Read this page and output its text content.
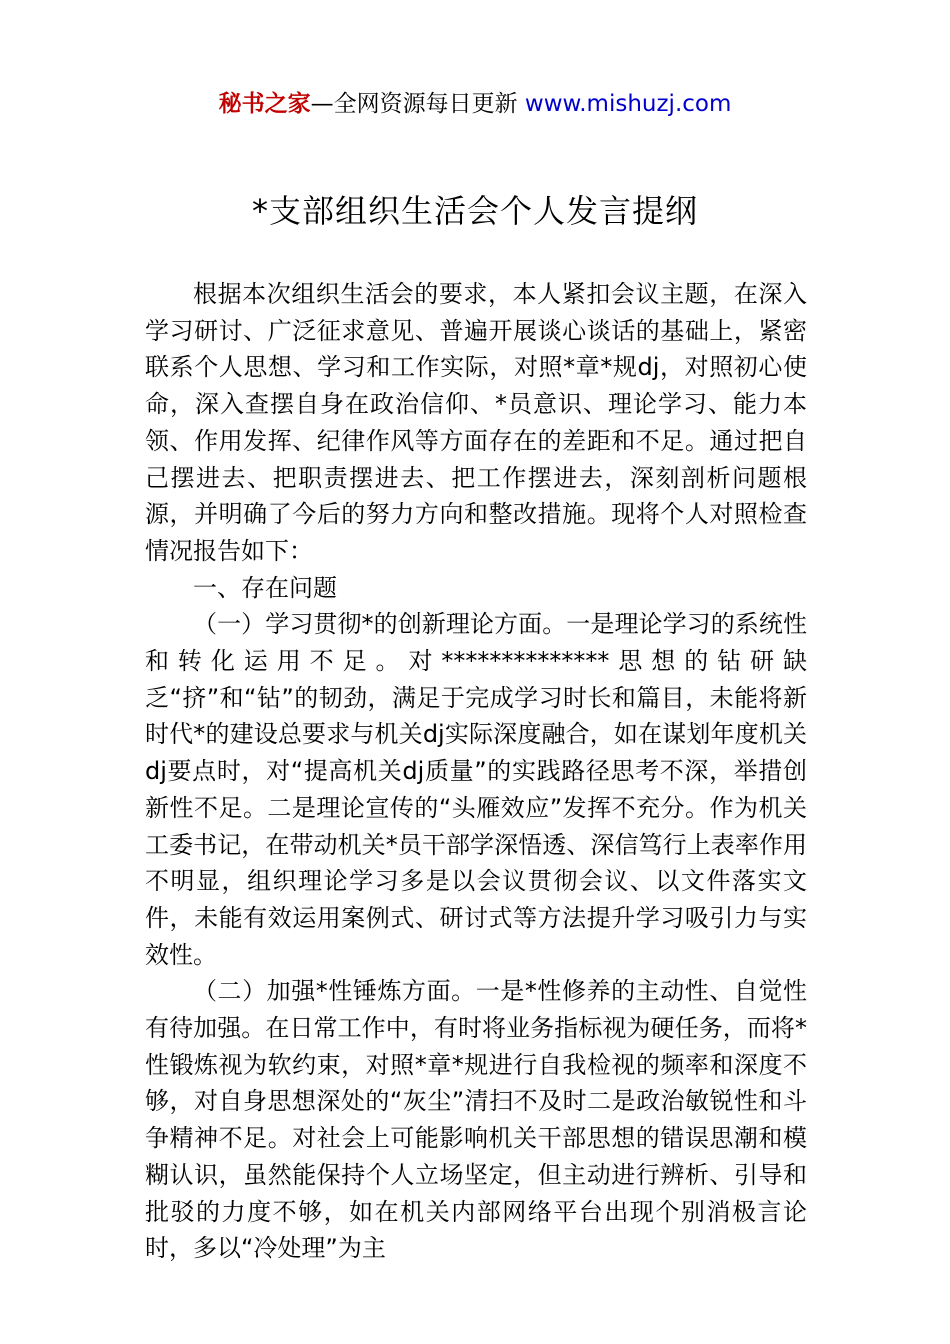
秘书之家—全网资源每日更新 www.mishuzj.com
*支部组织生活会个人发言提纲

根据本次组织生活会的要求，本人紧扣会议主题，在深入学习研讨、广泛征求意见、普遍开展谈心谈话的基础上，紧密联系个人思想、学习和工作实际，对照*章*规dj，对照初心使命，深入查摆自身在政治信仰、*员意识、理论学习、能力本领、作用发挥、纪律作风等方面存在的差距和不足。通过把自己摆进去、把职责摆进去、把工作摆进去，深刻剖析问题根源，并明确了今后的努力方向和整改措施。现将个人对照检查情况报告如下：

一、存在问题

（一）学习贯彻*的创新理论方面。一是理论学习的系统性和转化运用不足。对**************思想的钻研缺乏“挤”和“钻”的韧劲，满足于完成学习时长和篇目，未能将新时代*的建设总要求与机关dj实际深度融合，如在谋划年度机关dj要点时，对“提高机关dj质量”的实践路径思考不深，举措创新性不足。二是理论宣传的“头雁效应”发挥不充分。作为机关工委书记，在带动机关*员干部学深悟透、深信笃行上表率作用不明显，组织理论学习多是以会议贯彻会议、以文件落实文件，未能有效运用案例式、研讨式等方法提升学习吸引力与实效性。

（二）加强*性锤炼方面。一是*性修养的主动性、自觉性有待加强。在日常工作中，有时将业务指标视为硬任务，而将*性锻炼视为软约束，对照*章*规进行自我检视的频率和深度不够，对自身思想深处的“灰尘”清扫不及时二是政治敏锐性和斗争精神不足。对社会上可能影响机关干部思想的错误思潮和模糊认识，虽然能保持个人立场坚定，但主动进行辨析、引导和批驳的力度不够，如在机关内部网络平台出现个别消极言论时，多以“冷处理”为主
